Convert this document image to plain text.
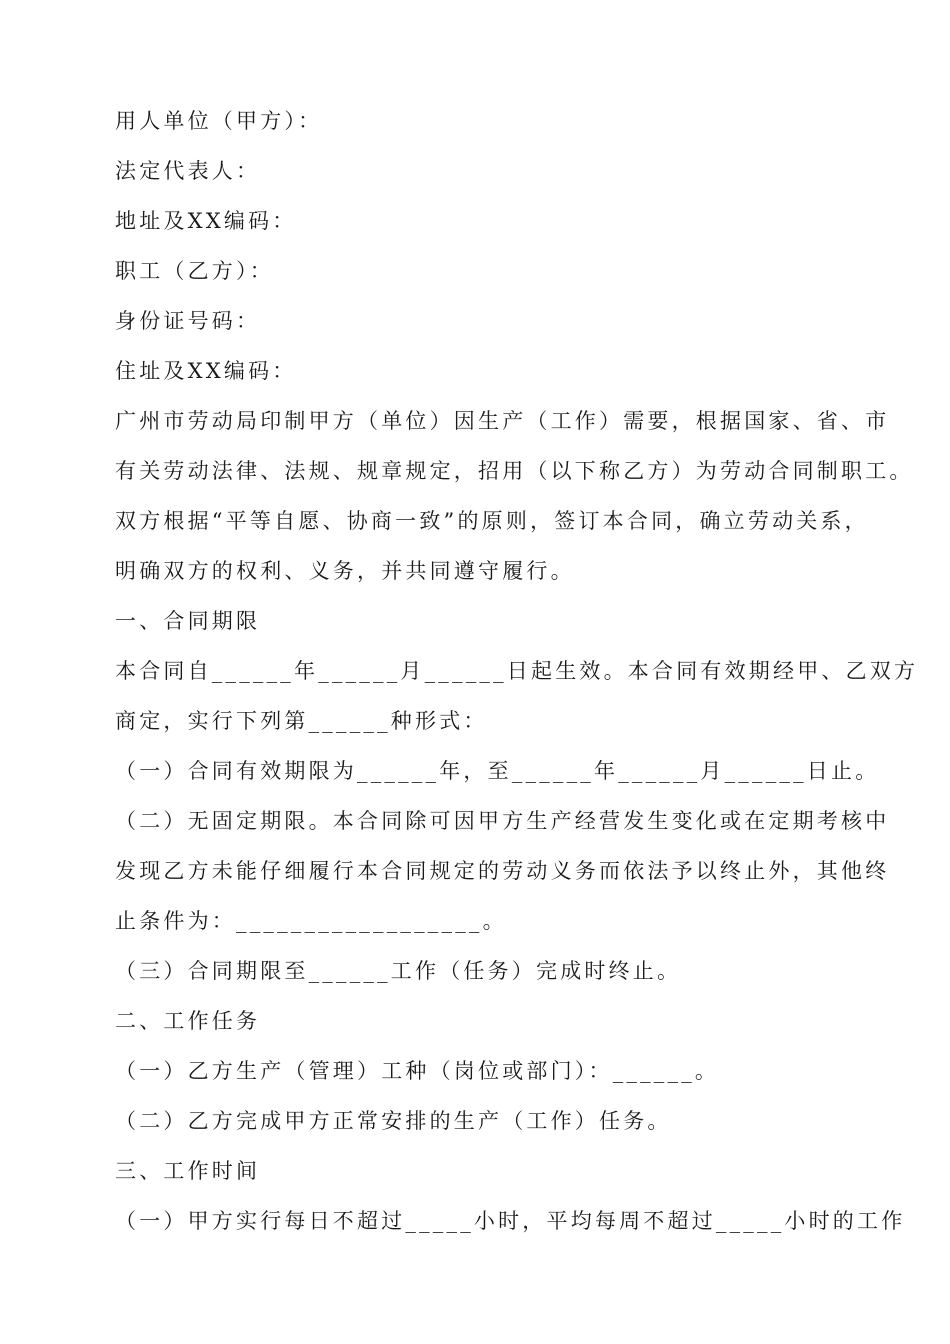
用人单位（甲方）：
法定代表人：
地址及XX编码：
职工（乙方）：
身份证号码：
住址及XX编码：
广州市劳动局印制甲方（单位）因生产（工作）需要，根据国家、省、市
有关劳动法律、法规、规章规定，招用（以下称乙方）为劳动合同制职工。
双方根据“平等自愿、协商一致”的原则，签订本合同，确立劳动关系，
明确双方的权利、义务，并共同遵守履行。
一、合同期限
本合同自______年______月______日起生效。本合同有效期经甲、乙双方
商定，实行下列第______种形式：
（一）合同有效期限为______年，至______年______月______日止。
（二）无固定期限。本合同除可因甲方生产经营发生变化或在定期考核中
发现乙方未能仔细履行本合同规定的劳动义务而依法予以终止外，其他终
止条件为：__________________。
（三）合同期限至______工作（任务）完成时终止。
二、工作任务
（一）乙方生产（管理）工种（岗位或部门）：______。
（二）乙方完成甲方正常安排的生产（工作）任务。
三、工作时间
（一）甲方实行每日不超过_____小时，平均每周不超过_____小时的工作
